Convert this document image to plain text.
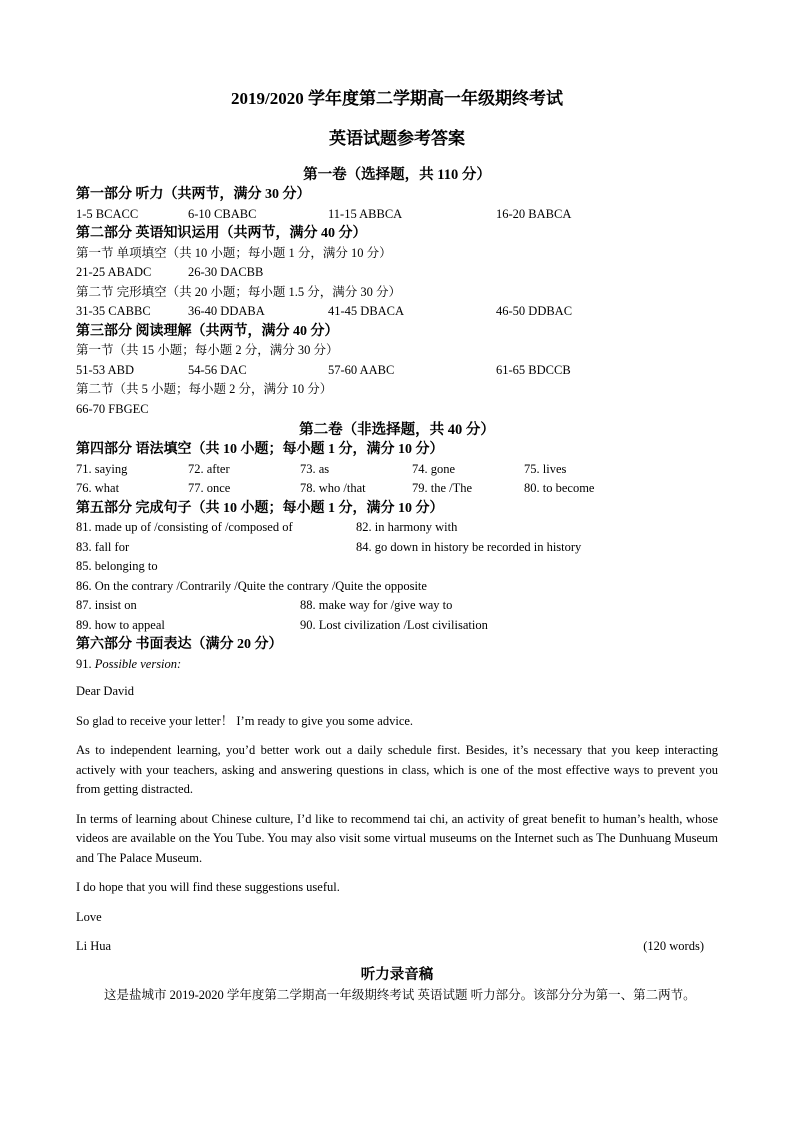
2019/2020 学年度第二学期高一年级期终考试
英语试题参考答案
第一卷（选择题，共 110 分）
第一部分 听力（共两节，满分 30 分）
1-5 BCACC	6-10 CBABC	11-15 ABBCA	16-20 BABCA
第二部分 英语知识运用（共两节，满分 40 分）
第一节 单项填空（共 10 小题；每小题 1 分，满分 10 分）
21-25 ABADC	26-30 DACBB
第二节 完形填空（共 20 小题；每小题 1.5 分，满分 30 分）
31-35 CABBC	36-40 DDABA	41-45 DBACA	46-50 DDBAC
第三部分 阅读理解（共两节，满分 40 分）
第一节（共 15 小题；每小题 2 分，满分 30 分）
51-53 ABD	54-56 DAC	57-60 AABC	61-65 BDCCB
第二节（共 5 小题；每小题 2 分，满分 10 分）
66-70 FBGEC
第二卷（非选择题，共 40 分）
第四部分 语法填空（共 10 小题；每小题 1 分，满分 10 分）
71. saying	72. after	73. as	74. gone	75. lives
76. what	77. once	78. who /that	79. the /The	80. to become
第五部分 完成句子（共 10 小题；每小题 1 分，满分 10 分）
81. made up of /consisting of /composed of	82. in harmony with
83. fall for	84. go down in history be recorded in history
85. belonging to
86. On the contrary /Contrarily /Quite the contrary /Quite the opposite
87. insist on	88. make way for /give way to
89. how to appeal	90. Lost civilization /Lost civilisation
第六部分 书面表达（满分 20 分）
91. Possible version:
Dear David
So glad to receive your letter！ I’m ready to give you some advice.
As to independent learning, you’d better work out a daily schedule first. Besides, it’s necessary that you keep interacting actively with your teachers, asking and answering questions in class, which is one of the most effective ways to prevent you from getting distracted.
In terms of learning about Chinese culture, I’d like to recommend tai chi, an activity of great benefit to human’s health, whose videos are available on the You Tube. You may also visit some virtual museums on the Internet such as The Dunhuang Museum and The Palace Museum.
I do hope that you will find these suggestions useful.
Love
Li Hua	(120 words)
听力录音稿
这是盐城市 2019-2020 学年度第二学期高一年级期终考试 英语试题 听力部分。该部分分为第一、第二两节。
